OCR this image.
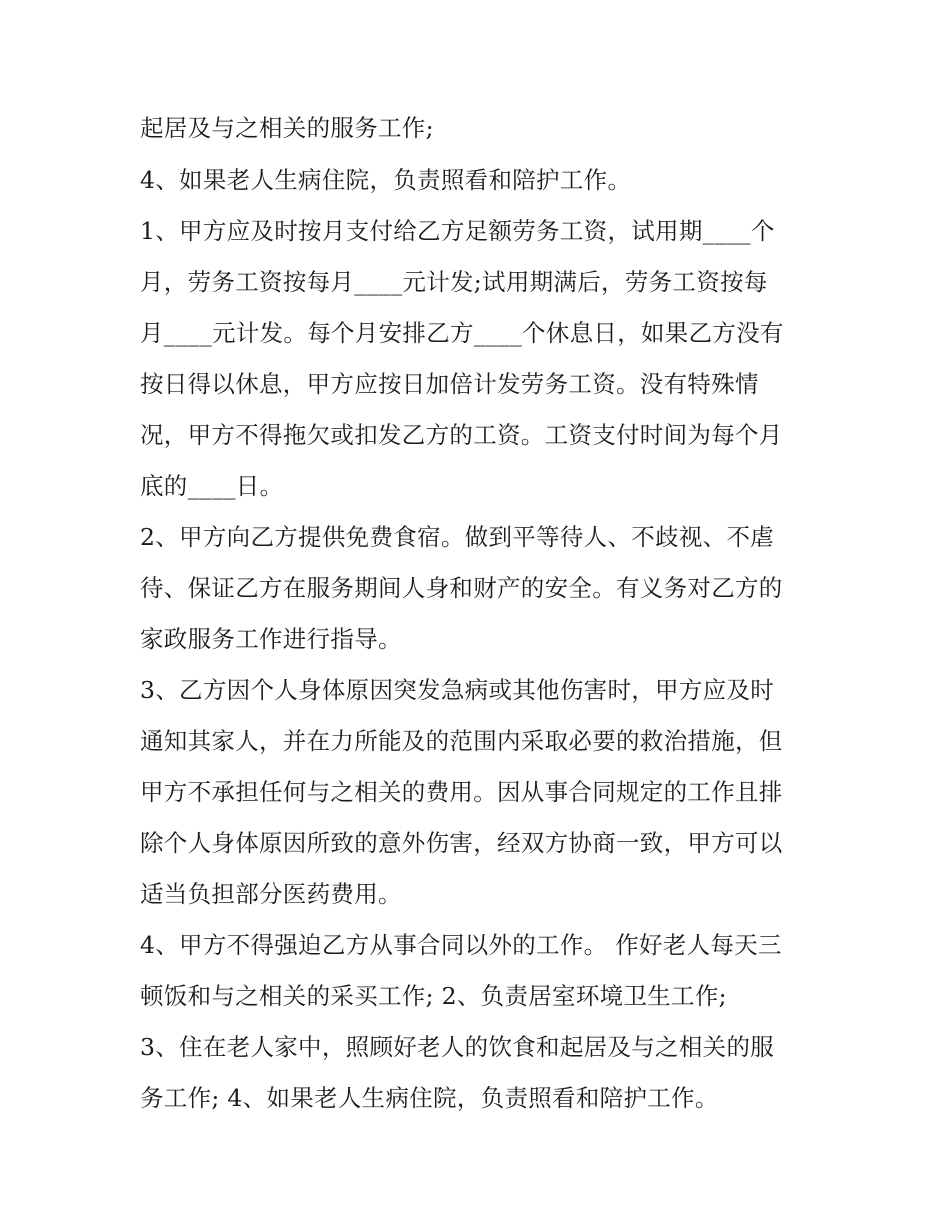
起居及与之相关的服务工作;
4、如果老人生病住院，负责照看和陪护工作。
1、甲方应及时按月支付给乙方足额劳务工资，试用期____个
月，劳务工资按每月____元计发;试用期满后，劳务工资按每
月____元计发。每个月安排乙方____个休息日，如果乙方没有
按日得以休息，甲方应按日加倍计发劳务工资。没有特殊情
况，甲方不得拖欠或扣发乙方的工资。工资支付时间为每个月
底的____日。
2、甲方向乙方提供免费食宿。做到平等待人、不歧视、不虐
待、保证乙方在服务期间人身和财产的安全。有义务对乙方的
家政服务工作进行指导。
3、乙方因个人身体原因突发急病或其他伤害时，甲方应及时
通知其家人，并在力所能及的范围内采取必要的救治措施，但
甲方不承担任何与之相关的费用。因从事合同规定的工作且排
除个人身体原因所致的意外伤害，经双方协商一致，甲方可以
适当负担部分医药费用。
4、甲方不得强迫乙方从事合同以外的工作。 作好老人每天三
顿饭和与之相关的采买工作; 2、负责居室环境卫生工作;
3、住在老人家中，照顾好老人的饮食和起居及与之相关的服
务工作; 4、如果老人生病住院，负责照看和陪护工作。
